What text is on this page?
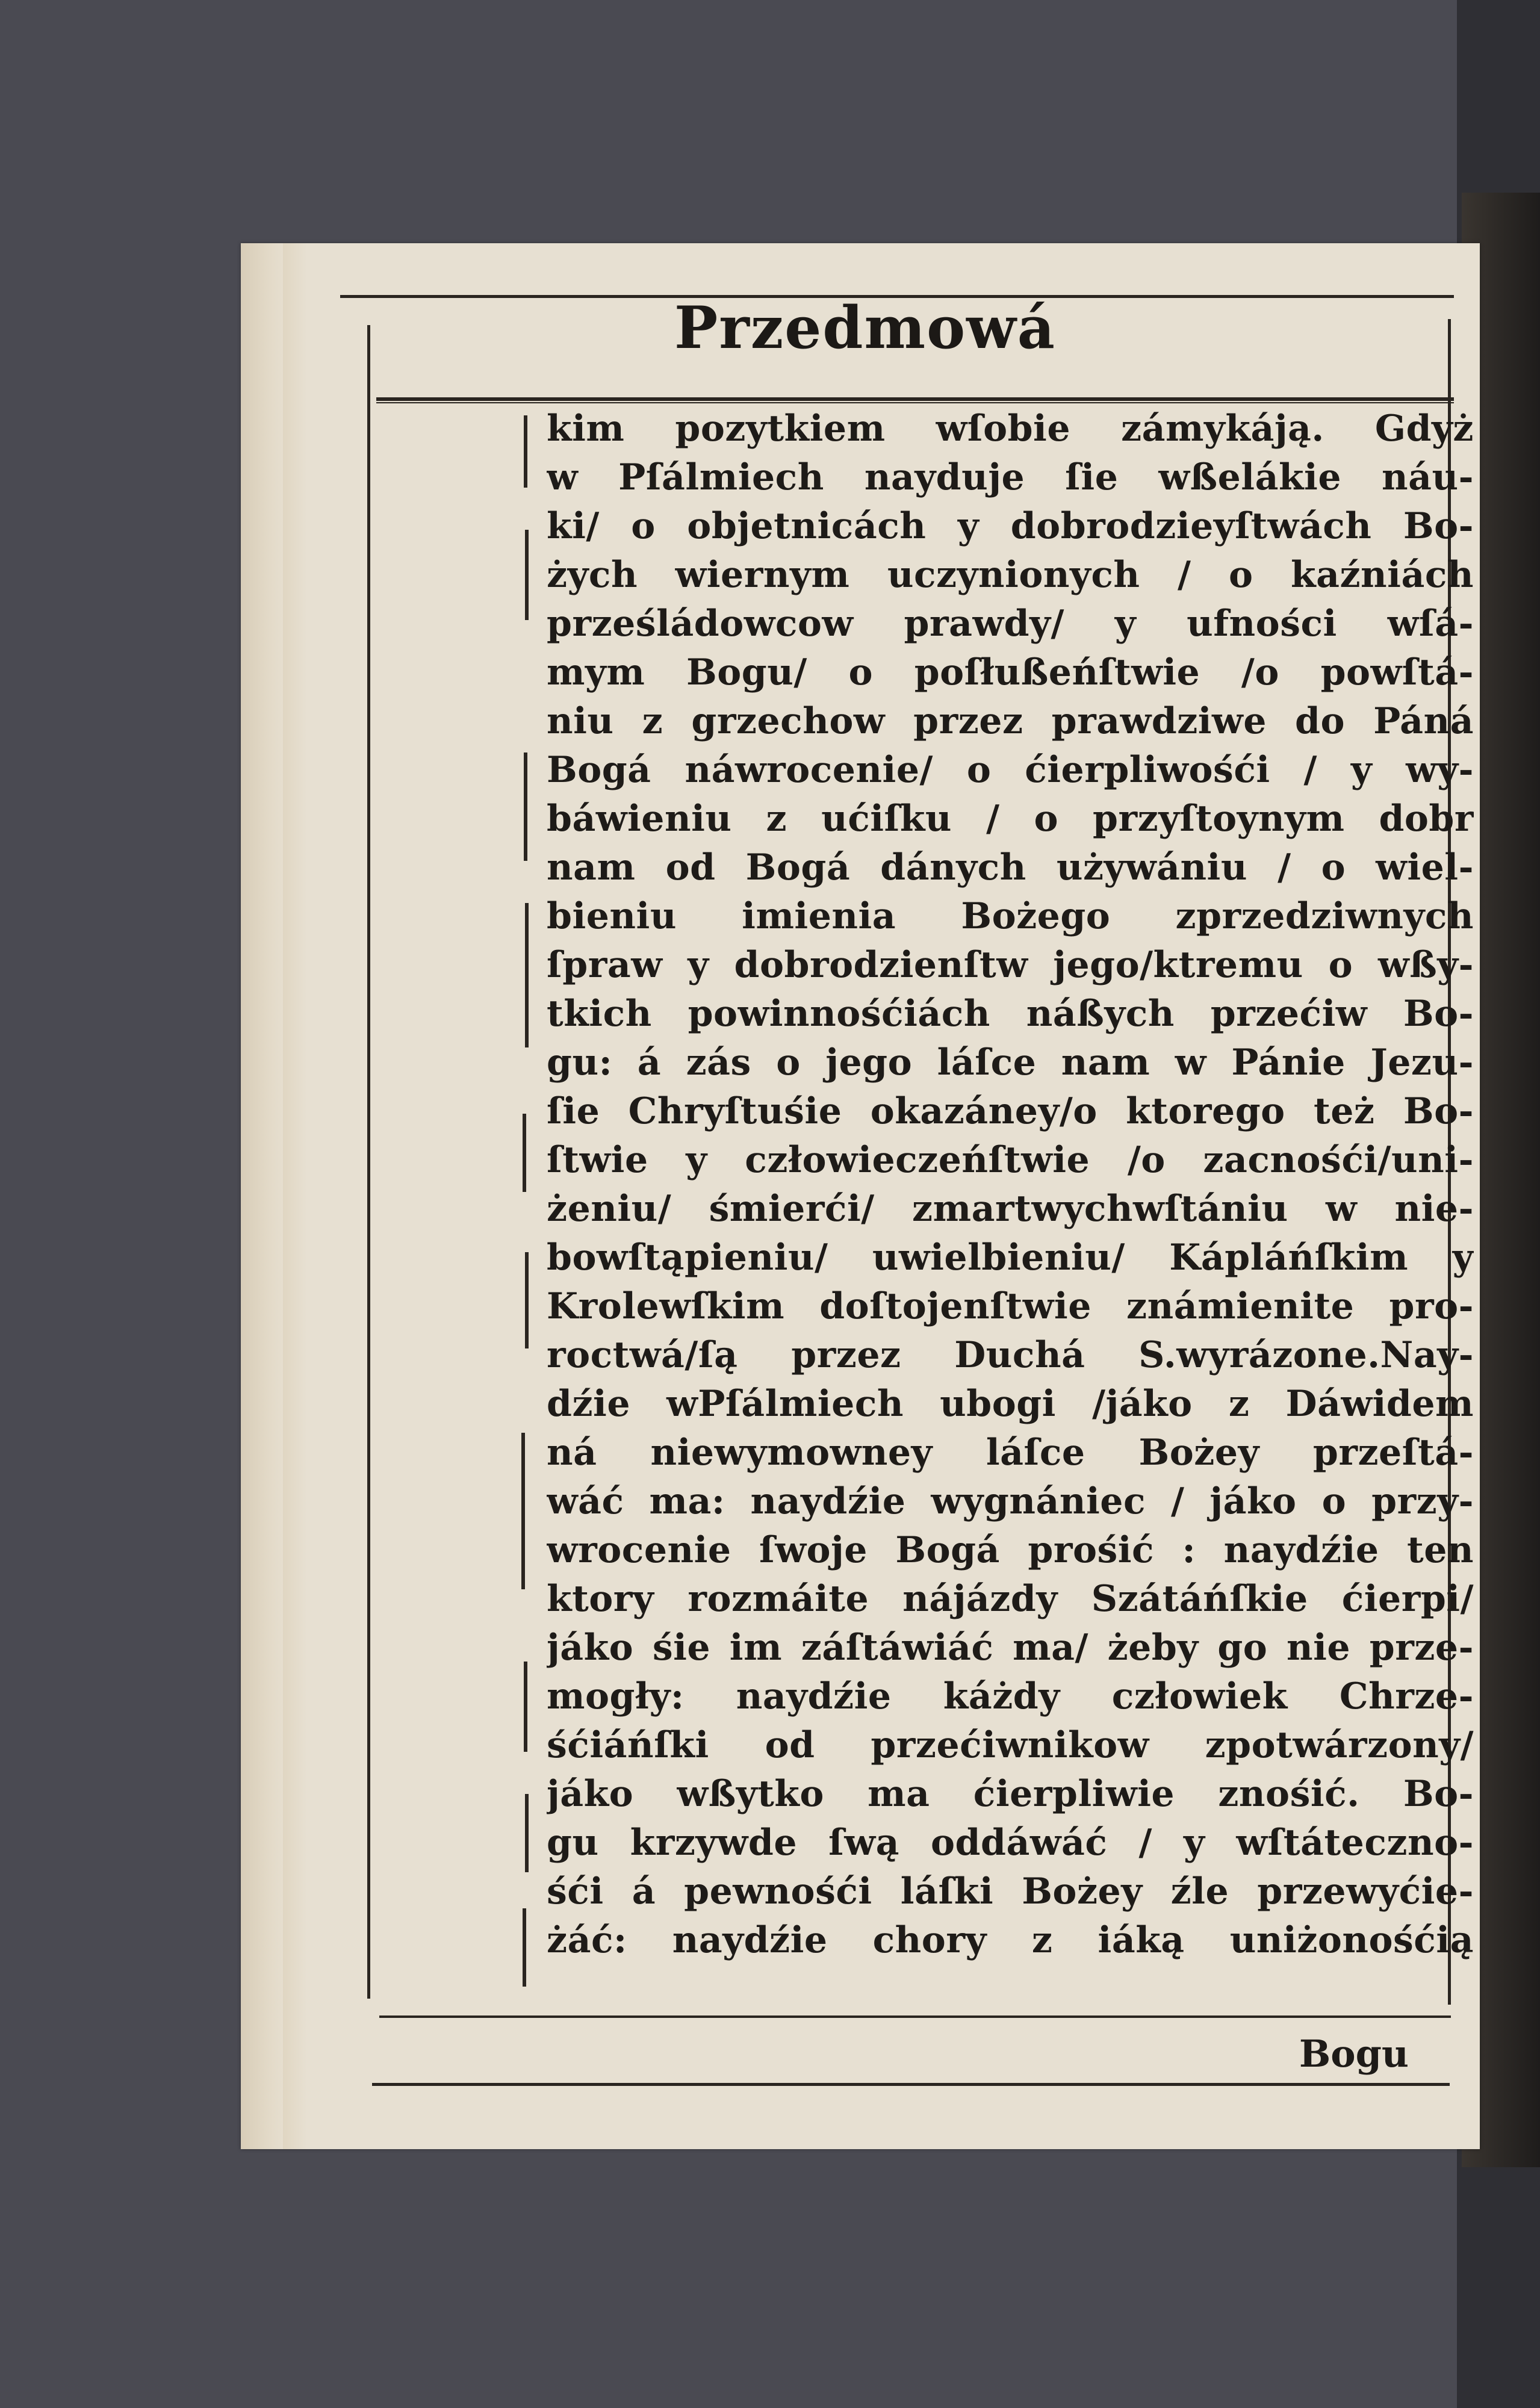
Przedmowá
kim pozytkiem wſobie zámykáją. Gdyż
w Pſálmiech nayduje ſie wßelákie náu-
ki/ o objetnicách y dobrodzieyſtwách Bo-
żych wiernym uczynionych / o kaźniách
prześládowcow prawdy/ y ufności wſá-
mym Bogu/ o poſłußeńſtwie /o powſtá-
niu z grzechow przez prawdziwe do Páná
Bogá náwrocenie/ o ćierpliwośći / y wy-
báwieniu z ućiſku / o przyſtoynym dobr
nam od Bogá dánych używániu / o wiel-
bieniu imienia Bożego zprzedziwnych
ſpraw y dobrodzienſtw jego/ktremu o wßy-
tkich powinnośćiách náßych przećiw Bo-
gu: á zás o jego láſce nam w Pánie Jezu-
ſie Chryſtuśie okazáney/o ktorego też Bo-
ſtwie y człowieczeńſtwie /o zacnośći/uni-
żeniu/ śmierći/ zmartwychwſtániu w nie-
bowſtąpieniu/ uwielbieniu/ Kápláńſkim y
Krolewſkim doſtojenſtwie známienite pro-
roctwá/ſą przez Duchá S.wyrázone.Nay-
dźie wPſálmiech ubogi /jáko z Dáwidem
ná niewymowney láſce Bożey przeſtá-
wáć ma: naydźie wygnániec / jáko o przy-
wrocenie ſwoje Bogá prośić : naydźie ten
ktory rozmáite nájázdy Szátáńſkie ćierpi/
jáko śie im záſtáwiáć ma/ żeby go nie prze-
mogły: naydźie káżdy człowiek Chrze-
śćiáńſki od przećiwnikow zpotwárzony/
jáko wßytko ma ćierpliwie znośić. Bo-
gu krzywde ſwą oddáwáć / y wſtáteczno-
śći á pewnośći láſki Bożey źle przewyćie-
żáć: naydźie chory z iáką uniżonośćią
Bogu
